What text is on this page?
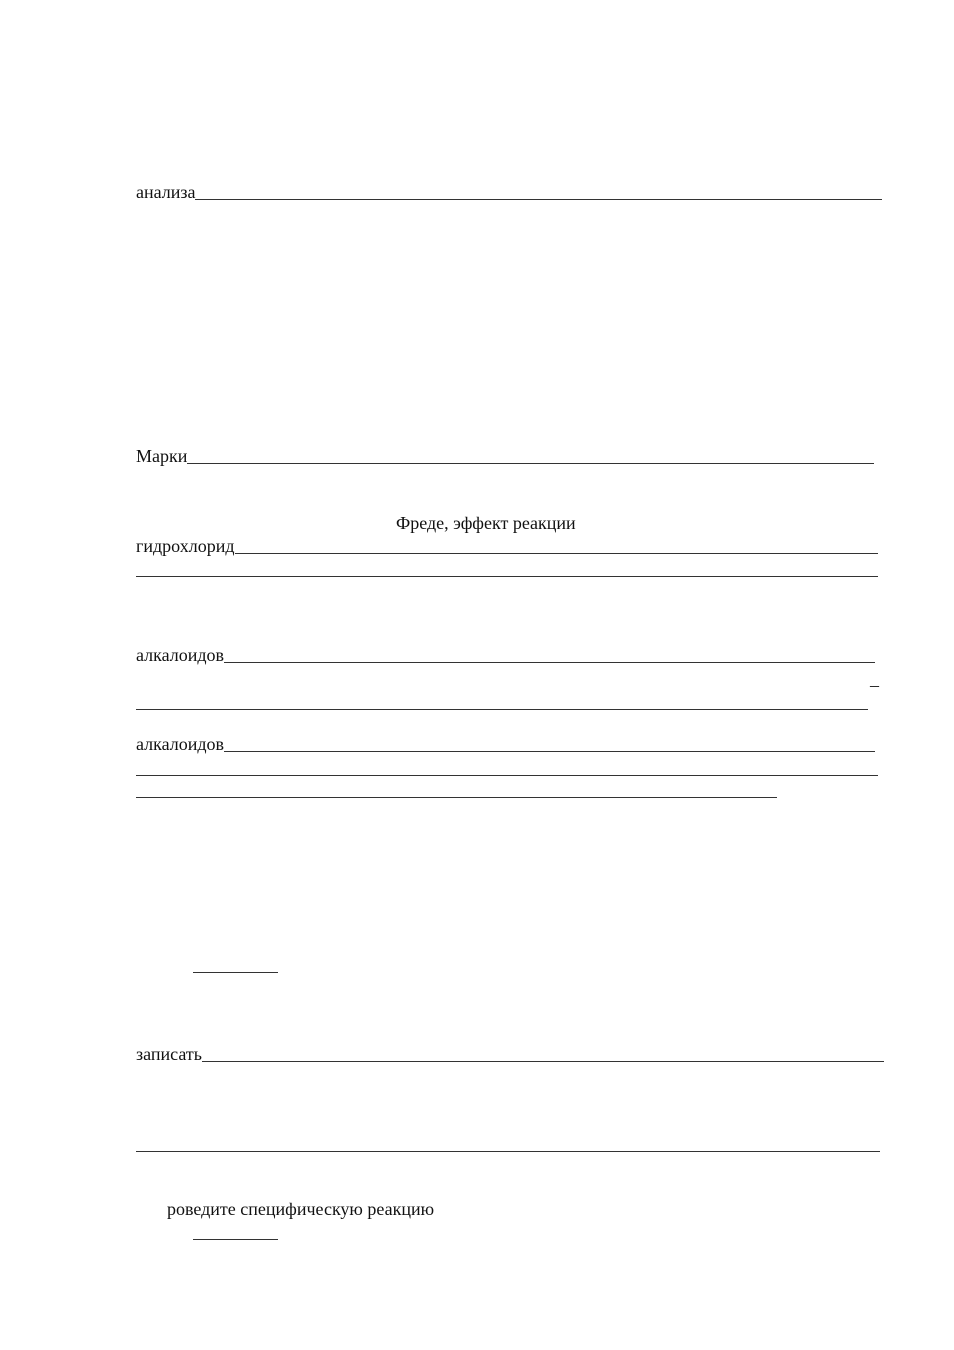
анализа
Марки
Фреде, эффект реакции
гидрохлорид
алкалоидов
–
алкалоидов
записать
роведите специфическую реакцию
